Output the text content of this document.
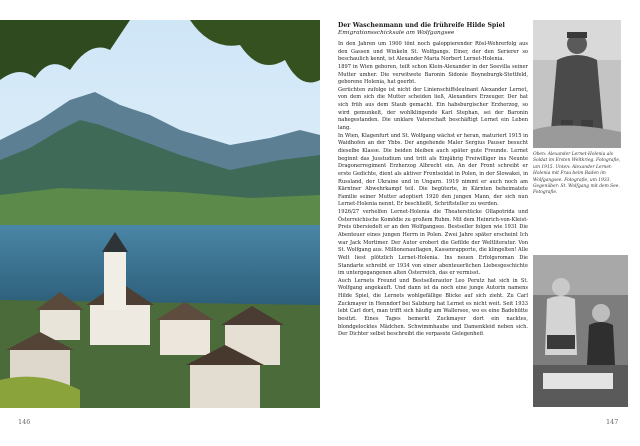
146

Der Waschenmann und die frühreife Hilde Spiel

Emigrationsschicksale am Wolfgangsee

In den Jahren um 1900 tönt noch galoppierender Rösl-Wehrerfolg aus den Gassen und Winkeln St. Wolfgangs. Einer, der den Serierer so beschaulich kennt, ist Alexander Maria Norbert Lernet-Holenia.

1897 in Wien geboren, teilt schon Klein-Alexander in der Seevilla seiner Mutter umher. Die verwitwete Baronin Sidonie Boyneburgk-Stettfeld, geborene Holenia, hat geerbt.

Gerüchten zufolge ist nicht der Linienschiffsleutnant Alexander Lernet, von dem sich die Mutter scheiden ließ, Alexanders Erzeuger. Der hat sich früh aus dem Staub gemacht. Ein habsburgischer Erzherzog, so wird gemunkelt, der wohlklingende Karl Stephan, sei der Baronin nahegestanden. Die unklare Vaterschaft beschäftigt Lernet ein Leben lang.

In Wien, Klagenfurt und St. Wolfgang wächst er heran, maturiert 1915 in Waidhofen an der Ybbs. Der angehende Maler Sergius Pauser besucht dieselbe Klasse. Die beiden bleiben auch später gute Freunde. Lernet beginnt das Jusstudium und tritt als Einjährig Freiwilliger ins Neunte Dragonerregiment Erzherzog Albrecht ein. An der Front schreibt er erste Gedichte, dient als aktiver Frontsoldat in Polen, in der Slowakei, in Russland, der Ukraine und in Ungarn. 1919 nimmt er auch noch am Kärntner Abwehrkampf teil. Die begüterte, in Kärnten beheimatete Familie seiner Mutter adoptiert 1920 den jungen Mann, der sich nun Lernet-Holenia nennt. Er beschließt, Schriftsteller zu werden.

1926/27 verhelfen Lernet-Holenia die Theaterstücke Ollapotrida und Österreichische Komödie zu großem Ruhm. Mit dem Heinrich-von-Kleist-Preis übersiedelt er an den Wolfgangsee. Bestseller folgen wie 1931 Die Abenteuer eines jungen Herrn in Polen. Zwei Jahre später erscheint Ich war Jack Mortimer. Der Autor erobert die Gefilde der Weltliteratur. Von St. Wolfgang aus. Millionenauflagen, Kassenrapporte, die klingelten! Alle Welt liest plötzlich Lernet-Holenia. Ins neuen Erfolgsroman Die Standarte schreibt er 1934 von einer abenteuerlichen Liebesgeschichte im untergegangenen alten Österreich, das er vermisst.

Auch Lernets Freund und Bestsellerautor Leo Perutz hat sich in St. Wolfgang angekauft. Und dann ist da noch eine junge Autorin namens Hilde Spiel, die Lernets wohlgefällige Blicke auf sich zieht. Zu Carl Zuckmayer in Henndorf bei Salzburg hat Lernet es nicht weit. Seit 1933 lebt Carl dort, man trifft sich häufig am Wallersee, wo es eine Badehütte besitzt. Eines Tages bemerkt Zuckmayer dort ein nacktes, blondgelocktes Mädchen. Schwimmhaube und Damenkleid neben sich. Der Dichter selbst beschreibt die verpasste Gelegenheit

Oben: Alexander Lernet-Holenia als Soldat im Ersten Weltkrieg. Fotografie, um 1915. Unten: Alexander Lernet-Holenia mit Frau beim Baden im Wolfgangsee. Fotografie, um 1933. Gegenüber: St. Wolfgang mit dem See. Fotografie.

147
